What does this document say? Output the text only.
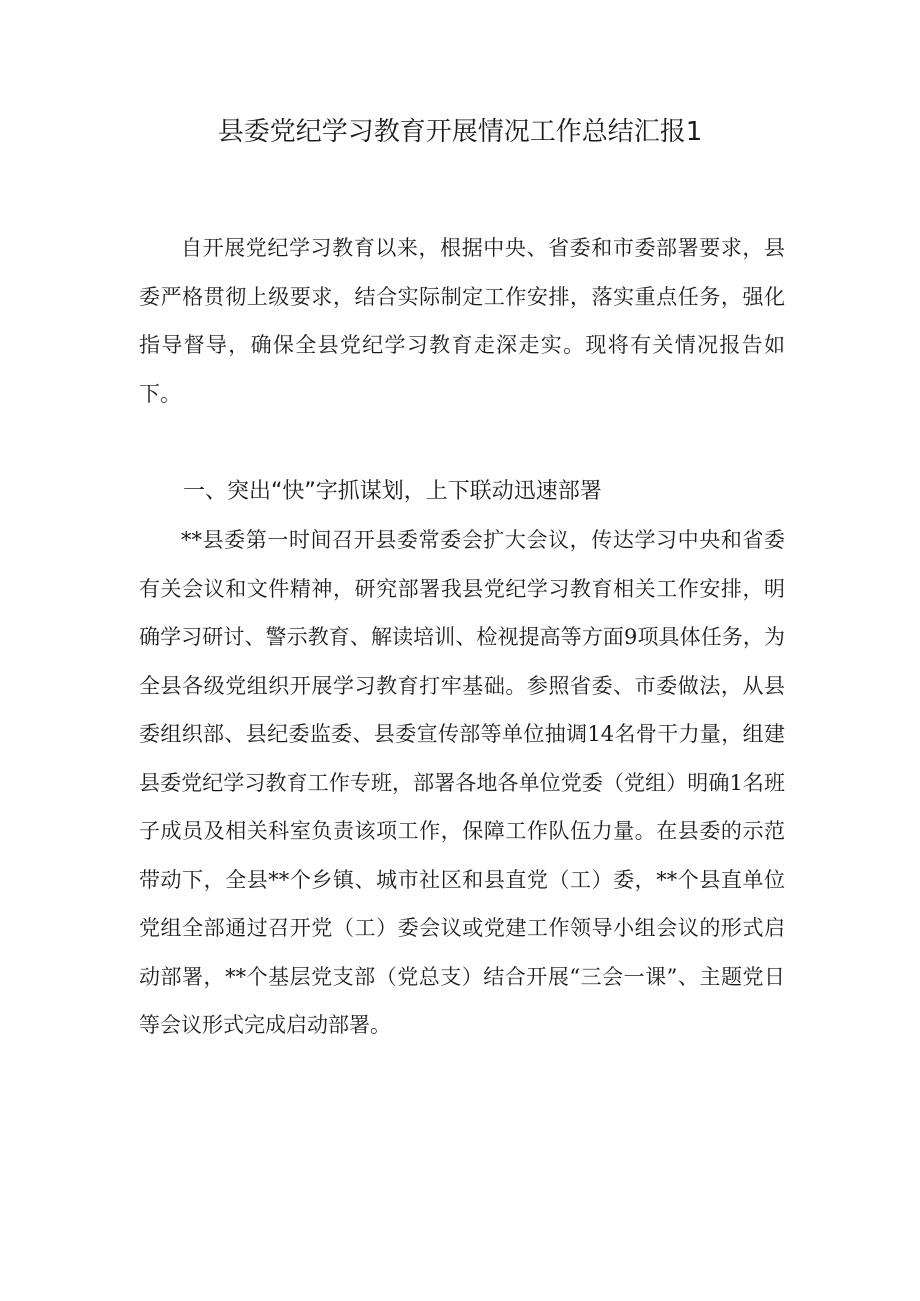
县委党纪学习教育开展情况工作总结汇报1

自开展党纪学习教育以来，根据中央、省委和市委部署要求，县委严格贯彻上级要求，结合实际制定工作安排，落实重点任务，强化指导督导，确保全县党纪学习教育走深走实。现将有关情况报告如下。

一、突出“快”字抓谋划，上下联动迅速部署

**县委第一时间召开县委常委会扩大会议，传达学习中央和省委有关会议和文件精神，研究部署我县党纪学习教育相关工作安排，明确学习研讨、警示教育、解读培训、检视提高等方面9项具体任务，为全县各级党组织开展学习教育打牢基础。参照省委、市委做法，从县委组织部、县纪委监委、县委宣传部等单位抽调14名骨干力量，组建县委党纪学习教育工作专班，部署各地各单位党委（党组）明确1名班子成员及相关科室负责该项工作，保障工作队伍力量。在县委的示范带动下，全县**个乡镇、城市社区和县直党（工）委，**个县直单位党组全部通过召开党（工）委会议或党建工作领导小组会议的形式启动部署，**个基层党支部（党总支）结合开展“三会一课”、主题党日等会议形式完成启动部署。
